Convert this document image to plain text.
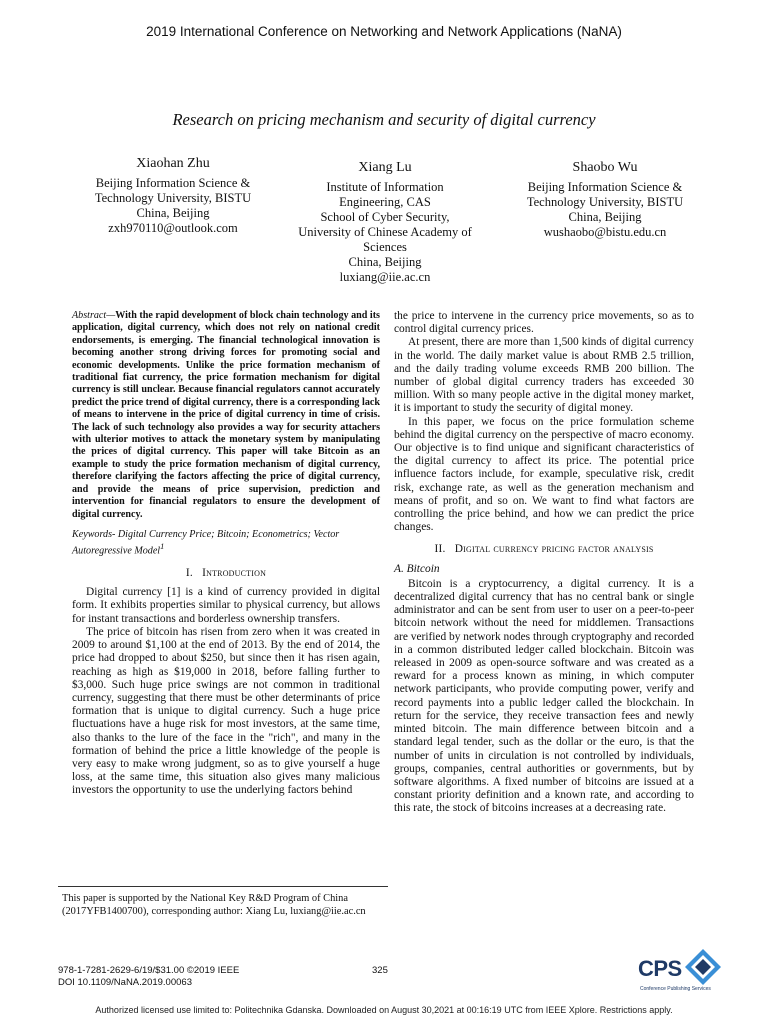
2019 International Conference on Networking and Network Applications (NaNA)
Research on pricing mechanism and security of digital currency
Xiaohan Zhu
Beijing Information Science &
Technology University, BISTU
China, Beijing
zxh970110@outlook.com
Xiang Lu
Institute of Information
Engineering, CAS
School of Cyber Security,
University of Chinese Academy of
Sciences
China, Beijing
luxiang@iie.ac.cn
Shaobo Wu
Beijing Information Science &
Technology University, BISTU
China, Beijing
wushaobo@bistu.edu.cn

Abstract—With the rapid development of block chain technology and its application, digital currency, which does not rely on national credit endorsements, is emerging. The financial technological innovation is becoming another strong driving forces for promoting social and economic developments. Unlike the price formation mechanism of traditional fiat currency, the price formation mechanism for digital currency is still unclear. Because financial regulators cannot accurately predict the price trend of digital currency, there is a corresponding lack of means to intervene in the price of digital currency in time of crisis. The lack of such technology also provides a way for security attachers with ulterior motives to attack the monetary system by manipulating the prices of digital currency. This paper will take Bitcoin as an example to study the price formation mechanism of digital currency, therefore clarifying the factors affecting the price of digital currency, and provide the means of price supervision, prediction and intervention for financial regulators to ensure the development of digital currency.

Keywords- Digital Currency Price; Bitcoin; Econometrics; Vector Autoregressive Model$^1$

I. Introduction

Digital currency [1] is a kind of currency provided in digital form. It exhibits properties similar to physical currency, but allows for instant transactions and borderless ownership transfers.

The price of bitcoin has risen from zero when it was created in 2009 to around $1,100 at the end of 2013. By the end of 2014, the price had dropped to about $250, but since then it has risen again, reaching as high as $19,000 in 2018, before falling further to $3,000. Such huge price swings are not common in traditional currency, suggesting that there must be other determinants of price formation that is unique to digital currency. Such a huge price fluctuations have a huge risk for most investors, at the same time, also thanks to the lure of the face in the "rich", and many in the formation of behind the price a little knowledge of the people is very easy to make wrong judgment, so as to give yourself a huge loss, at the same time, this situation also gives many malicious investors the opportunity to use the underlying factors behind

the price to intervene in the currency price movements, so as to control digital currency prices.

At present, there are more than 1,500 kinds of digital currency in the world. The daily market value is about RMB 2.5 trillion, and the daily trading volume exceeds RMB 200 billion. The number of global digital currency traders has exceeded 30 million. With so many people active in the digital money market, it is important to study the security of digital money.

In this paper, we focus on the price formulation scheme behind the digital currency on the perspective of macro economy. Our objective is to find unique and significant characteristics of the digital currency to affect its price. The potential price influence factors include, for example, speculative risk, credit risk, exchange rate, as well as the generation mechanism and means of profit, and so on. We want to find what factors are controlling the price behind, and how we can predict the price changes.

II. Digital currency pricing factor analysis

A. Bitcoin

Bitcoin is a cryptocurrency, a digital currency. It is a decentralized digital currency that has no central bank or single administrator and can be sent from user to user on a peer-to-peer bitcoin network without the need for middlemen. Transactions are verified by network nodes through cryptography and recorded in a common distributed ledger called blockchain. Bitcoin was released in 2009 as open-source software and was created as a reward for a process known as mining, in which computer network participants, who provide computing power, verify and record payments into a public ledger called the blockchain. In return for the service, they receive transaction fees and newly minted bitcoin. The main difference between bitcoin and a standard legal tender, such as the dollar or the euro, is that the number of units in circulation is not controlled by individuals, groups, companies, central authorities or governments, but by software algorithms. A fixed number of bitcoins are issued at a constant priority definition and a known rate, and according to this rate, the stock of bitcoins increases at a decreasing rate.

This paper is supported by the National Key R&D Program of China (2017YFB1400700), corresponding author: Xiang Lu, luxiang@iie.ac.cn
978-1-7281-2629-6/19/$31.00 ©2019 IEEE
DOI 10.1109/NaNA.2019.00063
325	CPS
Conference Publishing Services
Authorized licensed use limited to: Politechnika Gdanska. Downloaded on August 30,2021 at 00:16:19 UTC from IEEE Xplore. Restrictions apply.
